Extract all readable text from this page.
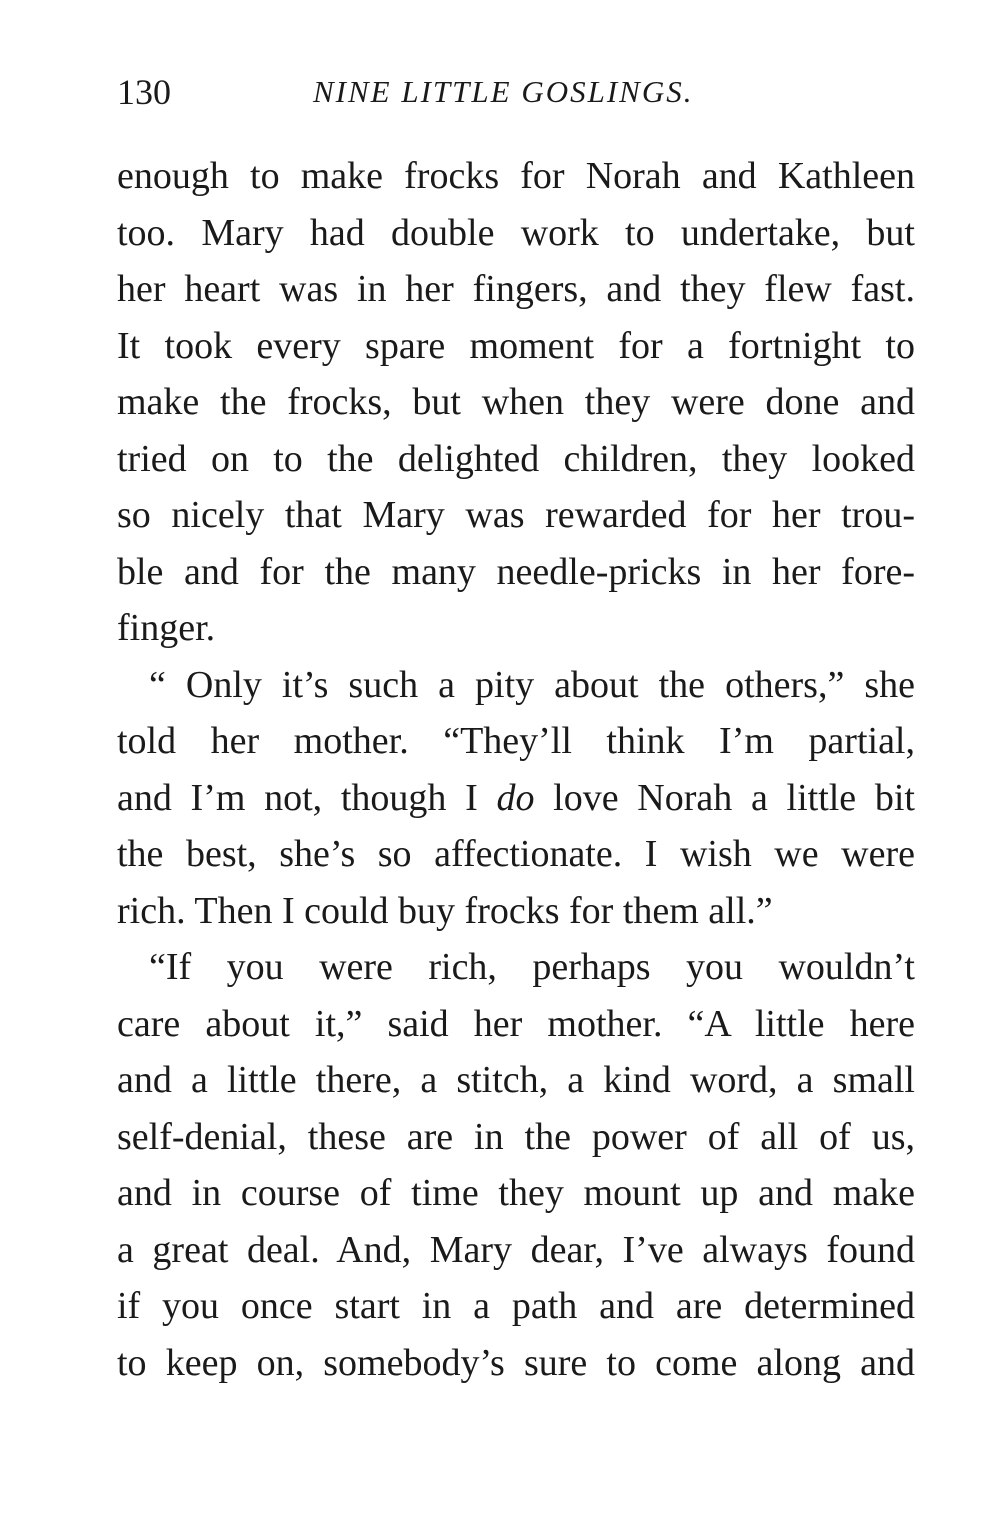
130	NINE LITTLE GOSLINGS.
enough to make frocks for Norah and Kathleen
too. Mary had double work to undertake, but
her heart was in her fingers, and they flew fast.
It took every spare moment for a fortnight to
make the frocks, but when they were done and
tried on to the delighted children, they looked
so nicely that Mary was rewarded for her trou-
ble and for the many needle-pricks in her fore-
finger.
“ Only it’s such a pity about the others,” she
told her mother. “They’ll think I’m partial,
and I’m not, though I do love Norah a little bit
the best, she’s so affectionate. I wish we were
rich. Then I could buy frocks for them all.”
“If you were rich, perhaps you wouldn’t
care about it,” said her mother. “A little here
and a little there, a stitch, a kind word, a small
self-denial, these are in the power of all of us,
and in course of time they mount up and make
a great deal. And, Mary dear, I’ve always found
if you once start in a path and are determined
to keep on, somebody’s sure to come along and
